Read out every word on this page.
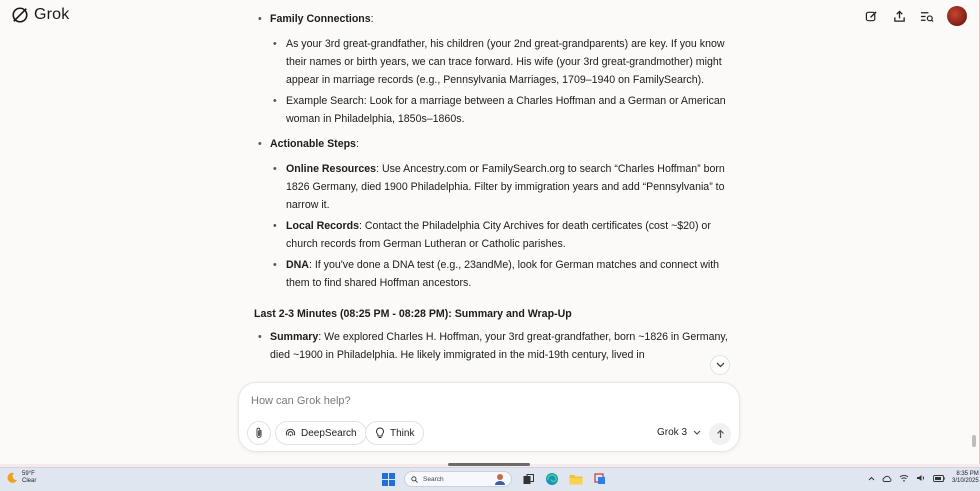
Grok
•	Family Connections:
• As your 3rd great-grandfather, his children (your 2nd great-grandparents) are key. If you know their names or birth years, we can trace forward. His wife (your 3rd great-grandmother) might appear in marriage records (e.g., Pennsylvania Marriages, 1709–1940 on FamilySearch).
• Example Search: Look for a marriage between a Charles Hoffman and a German or American woman in Philadelphia, 1850s–1860s.
• Actionable Steps:
• Online Resources: Use Ancestry.com or FamilySearch.org to search “Charles Hoffman” born 1826 Germany, died 1900 Philadelphia. Filter by immigration years and add “Pennsylvania” to narrow it.
• Local Records: Contact the Philadelphia City Archives for death certificates (cost ~$20) or church records from German Lutheran or Catholic parishes.
• DNA: If you've done a DNA test (e.g., 23andMe), look for German matches and connect with them to find shared Hoffman ancestors.
Last 2-3 Minutes (08:25 PM - 08:28 PM): Summary and Wrap-Up
• Summary: We explored Charles H. Hoffman, your 3rd great-grandfather, born ~1826 in Germany, died ~1900 in Philadelphia. He likely immigrated in the mid-19th century, lived in
How can Grok help?
DeepSearch	Think	Grok 3
59°F
Clear	Search
8:35 PM
3/10/2025
